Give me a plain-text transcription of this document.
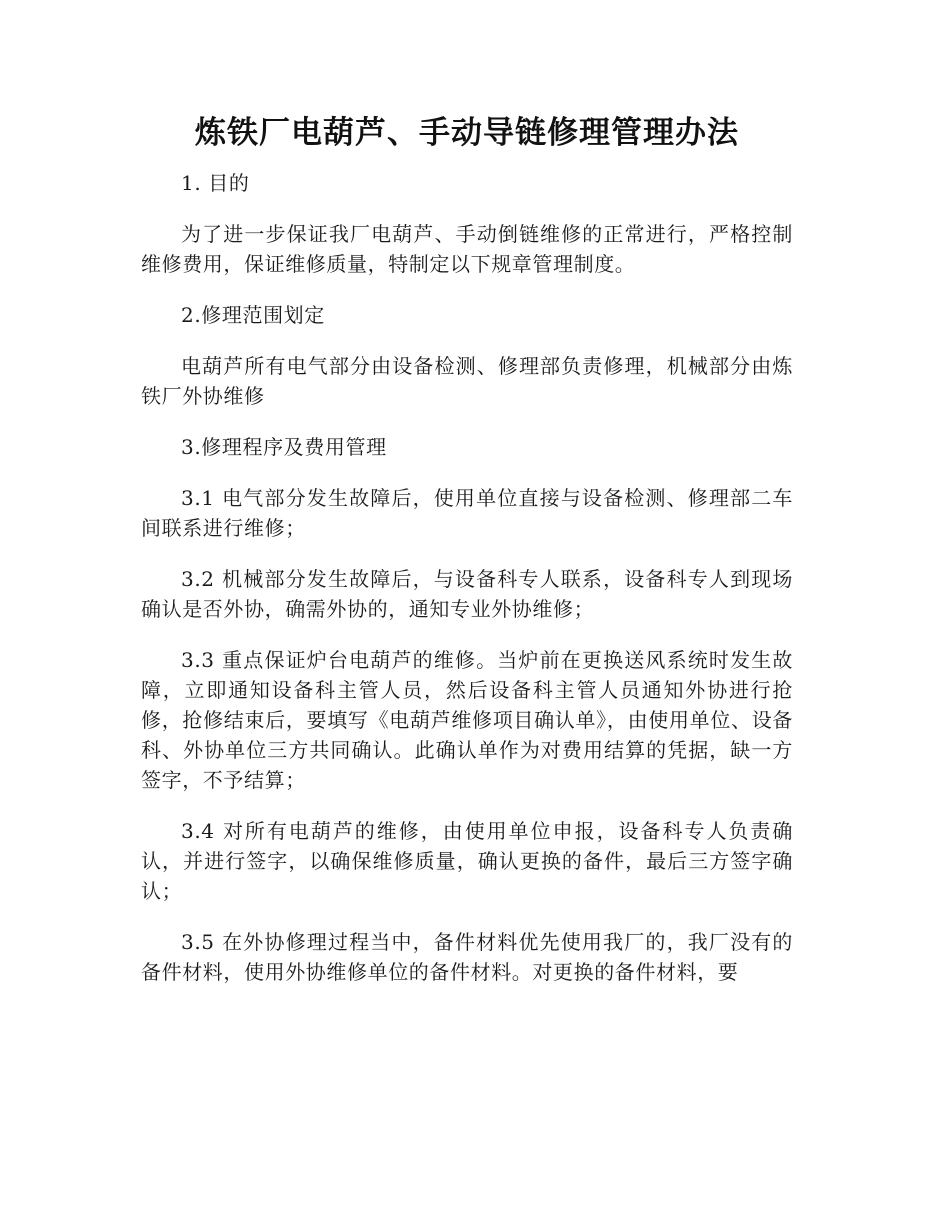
炼铁厂电葫芦、手动导链修理管理办法

1. 目的

为了进一步保证我厂电葫芦、手动倒链维修的正常进行，严格控制维修费用，保证维修质量，特制定以下规章管理制度。

2.修理范围划定

电葫芦所有电气部分由设备检测、修理部负责修理，机械部分由炼铁厂外协维修

3.修理程序及费用管理

3.1 电气部分发生故障后，使用单位直接与设备检测、修理部二车间联系进行维修；

3.2 机械部分发生故障后，与设备科专人联系，设备科专人到现场确认是否外协，确需外协的，通知专业外协维修；

3.3 重点保证炉台电葫芦的维修。当炉前在更换送风系统时发生故障，立即通知设备科主管人员，然后设备科主管人员通知外协进行抢修，抢修结束后，要填写《电葫芦维修项目确认单》，由使用单位、设备科、外协单位三方共同确认。此确认单作为对费用结算的凭据，缺一方签字，不予结算；

3.4 对所有电葫芦的维修，由使用单位申报，设备科专人负责确认，并进行签字，以确保维修质量，确认更换的备件，最后三方签字确认；

3.5 在外协修理过程当中，备件材料优先使用我厂的，我厂没有的备件材料，使用外协维修单位的备件材料。对更换的备件材料，要
